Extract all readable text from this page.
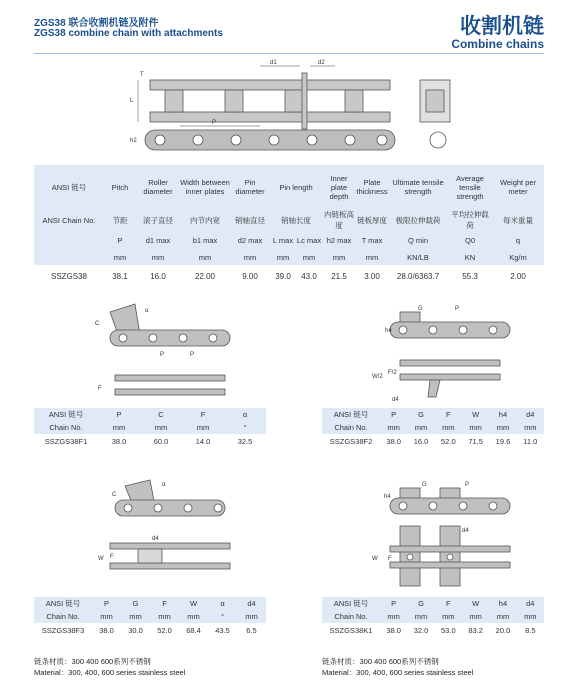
ZGS38 联合收割机链及附件
ZGS38 combine chain with attachments	收割机链
Combine chains
P
d1	d2
L
h2
T
ANSI 链号	Pitch	Roller diameter	Width between inner plates	Pin diameter	Pin length		Inner plate depth	Plate thickness	Ultimate tensile strength	Average tensile strength	Weight per meter
ANSI Chain No.	节距	滚子直径	内节内宽	销轴直径	销轴长度		内链板高度	链板厚度	极限拉伸载荷	平均拉伸载荷	每米重量
	P	d1 max	b1 max	d2 max	L max	Lc max	h2 max	T max	Q min	Q0	q
	mm	mm	mm	mm	mm	mm	mm	mm	KN/LB	KN	Kg/m
SSZGS38	38.1	16.0	22.00	9.00	39.0	43.0	21.5	3.00	28.0/6363.7	55.3	2.00
C
α
P	P
F
h4
G	P
W/2
F/2
d4
ANSI 链号	P	C	F	α
Chain No.	mm	mm	mm	°
SSZGS38F1	38.0	60.0	14.0	32.5
ANSI 链号	P	G	F	W	h4	d4
Chain No.	mm	mm	mm	mm	mm	mm
SSZGS38F2	38.0	16.0	52.0	71.5	19.6	11.0
C
α
W F
d4
h4
G	P
W F
d4
ANSI 链号	P	G	F	W	α	d4
Chain No.	mm	mm	mm	mm	°	mm
SSZGS38F3	38.0	30.0	52.0	68.4	43.5	6.5
ANSI 链号	P	G	F	W	h4	d4
Chain No.	mm	mm	mm	mm	mm	mm
SSZGS38K1	38.0	32.0	53.0	83.2	20.0	8.5
链条材质：300 400 600系列不锈钢
Material：300, 400, 600 series stainless steel
链条材质：300 400 600系列不锈钢
Material：300, 400, 600 series stainless steel
